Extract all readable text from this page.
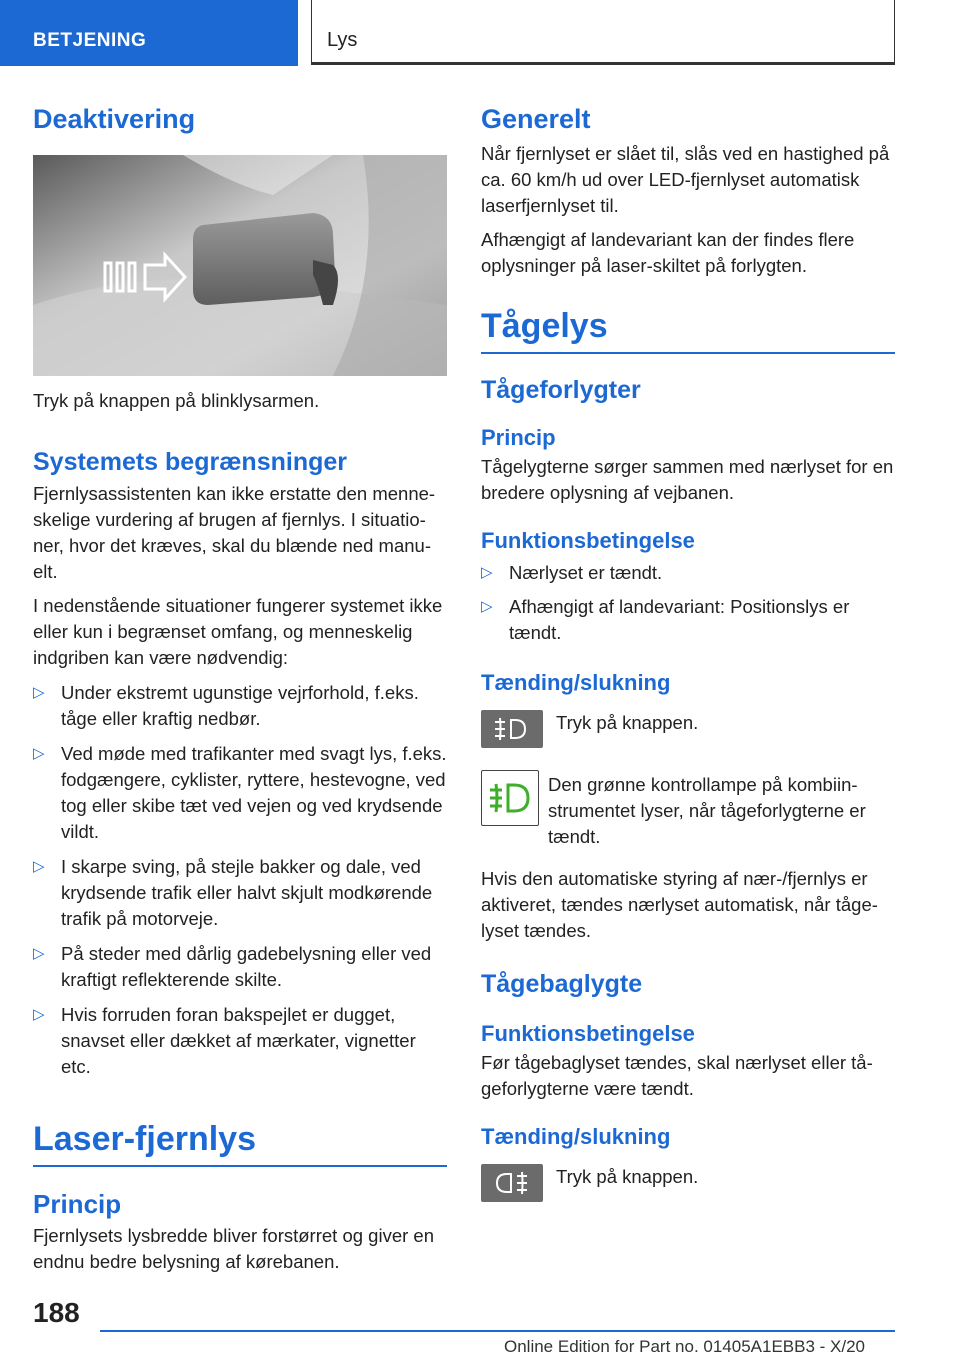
BETJENING	Lys
Deaktivering

Tryk på knappen på blinklysarmen.

Systemets begrænsninger

Fjernlysassistenten kan ikke erstatte den menneskelige vurdering af brugen af fjernlys. I situationer, hvor det kræves, skal du blænde ned manuelt.

I nedenstående situationer fungerer systemet ikke eller kun i begrænset omfang, og menneskelig indgriben kan være nødvendig:

▷ Under ekstremt ugunstige vejrforhold, f.eks. tåge eller kraftig nedbør.
▷ Ved møde med trafikanter med svagt lys, f.eks. fodgængere, cyklister, ryttere, hestevogne, ved tog eller skibe tæt ved vejen og ved krydsende vildt.
▷ I skarpe sving, på stejle bakker og dale, ved krydsende trafik eller halvt skjult modkørende trafik på motorveje.
▷ På steder med dårlig gadebelysning eller ved kraftigt reflekterende skilte.
▷ Hvis forruden foran bakspejlet er dugget, snavset eller dækket af mærkater, vignetter etc.
Laser-fjernlys
Princip

Fjernlysets lysbredde bliver forstørret og giver en endnu bedre belysning af kørebanen.

Generelt

Når fjernlyset er slået til, slås ved en hastighed på ca. 60 km/h ud over LED-fjernlyset automatisk laserfjernlyset til.

Afhængigt af landevariant kan der findes flere oplysninger på laser-skiltet på forlygten.

Tågelys
Tågeforlygter
Princip

Tågelygterne sørger sammen med nærlyset for en bredere oplysning af vejbanen.

Funktionsbetingelse
▷ Nærlyset er tændt.
▷ Afhængigt af landevariant: Positionslys er tændt.
Tænding/slukning

Tryk på knappen.

Den grønne kontrollampe på kombiinstrumentet lyser, når tågeforlygterne er tændt.

Hvis den automatiske styring af nær-/fjernlys er aktiveret, tændes nærlyset automatisk, når tågelyset tændes.

Tågebaglygte
Funktionsbetingelse

Før tågebaglyset tændes, skal nærlyset eller tågeforlygterne være tændt.

Tænding/slukning

Tryk på knappen.

188
Online Edition for Part no. 01405A1EBB3 - X/20
